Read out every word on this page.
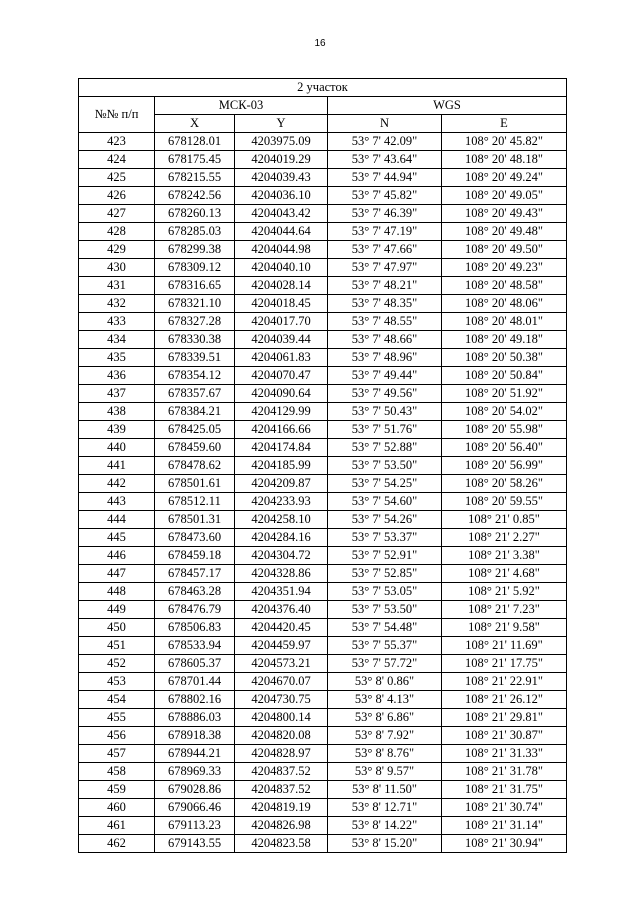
16
2 участок				
№№ п/п	МСК-03		WGS	
	X	Y	N	E
423	678128.01	4203975.09	53° 7' 42.09"	108° 20' 45.82"
424	678175.45	4204019.29	53° 7' 43.64"	108° 20' 48.18"
425	678215.55	4204039.43	53° 7' 44.94"	108° 20' 49.24"
426	678242.56	4204036.10	53° 7' 45.82"	108° 20' 49.05"
427	678260.13	4204043.42	53° 7' 46.39"	108° 20' 49.43"
428	678285.03	4204044.64	53° 7' 47.19"	108° 20' 49.48"
429	678299.38	4204044.98	53° 7' 47.66"	108° 20' 49.50"
430	678309.12	4204040.10	53° 7' 47.97"	108° 20' 49.23"
431	678316.65	4204028.14	53° 7' 48.21"	108° 20' 48.58"
432	678321.10	4204018.45	53° 7' 48.35"	108° 20' 48.06"
433	678327.28	4204017.70	53° 7' 48.55"	108° 20' 48.01"
434	678330.38	4204039.44	53° 7' 48.66"	108° 20' 49.18"
435	678339.51	4204061.83	53° 7' 48.96"	108° 20' 50.38"
436	678354.12	4204070.47	53° 7' 49.44"	108° 20' 50.84"
437	678357.67	4204090.64	53° 7' 49.56"	108° 20' 51.92"
438	678384.21	4204129.99	53° 7' 50.43"	108° 20' 54.02"
439	678425.05	4204166.66	53° 7' 51.76"	108° 20' 55.98"
440	678459.60	4204174.84	53° 7' 52.88"	108° 20' 56.40"
441	678478.62	4204185.99	53° 7' 53.50"	108° 20' 56.99"
442	678501.61	4204209.87	53° 7' 54.25"	108° 20' 58.26"
443	678512.11	4204233.93	53° 7' 54.60"	108° 20' 59.55"
444	678501.31	4204258.10	53° 7' 54.26"	108° 21' 0.85"
445	678473.60	4204284.16	53° 7' 53.37"	108° 21' 2.27"
446	678459.18	4204304.72	53° 7' 52.91"	108° 21' 3.38"
447	678457.17	4204328.86	53° 7' 52.85"	108° 21' 4.68"
448	678463.28	4204351.94	53° 7' 53.05"	108° 21' 5.92"
449	678476.79	4204376.40	53° 7' 53.50"	108° 21' 7.23"
450	678506.83	4204420.45	53° 7' 54.48"	108° 21' 9.58"
451	678533.94	4204459.97	53° 7' 55.37"	108° 21' 11.69"
452	678605.37	4204573.21	53° 7' 57.72"	108° 21' 17.75"
453	678701.44	4204670.07	53° 8' 0.86"	108° 21' 22.91"
454	678802.16	4204730.75	53° 8' 4.13"	108° 21' 26.12"
455	678886.03	4204800.14	53° 8' 6.86"	108° 21' 29.81"
456	678918.38	4204820.08	53° 8' 7.92"	108° 21' 30.87"
457	678944.21	4204828.97	53° 8' 8.76"	108° 21' 31.33"
458	678969.33	4204837.52	53° 8' 9.57"	108° 21' 31.78"
459	679028.86	4204837.52	53° 8' 11.50"	108° 21' 31.75"
460	679066.46	4204819.19	53° 8' 12.71"	108° 21' 30.74"
461	679113.23	4204826.98	53° 8' 14.22"	108° 21' 31.14"
462	679143.55	4204823.58	53° 8' 15.20"	108° 21' 30.94"
